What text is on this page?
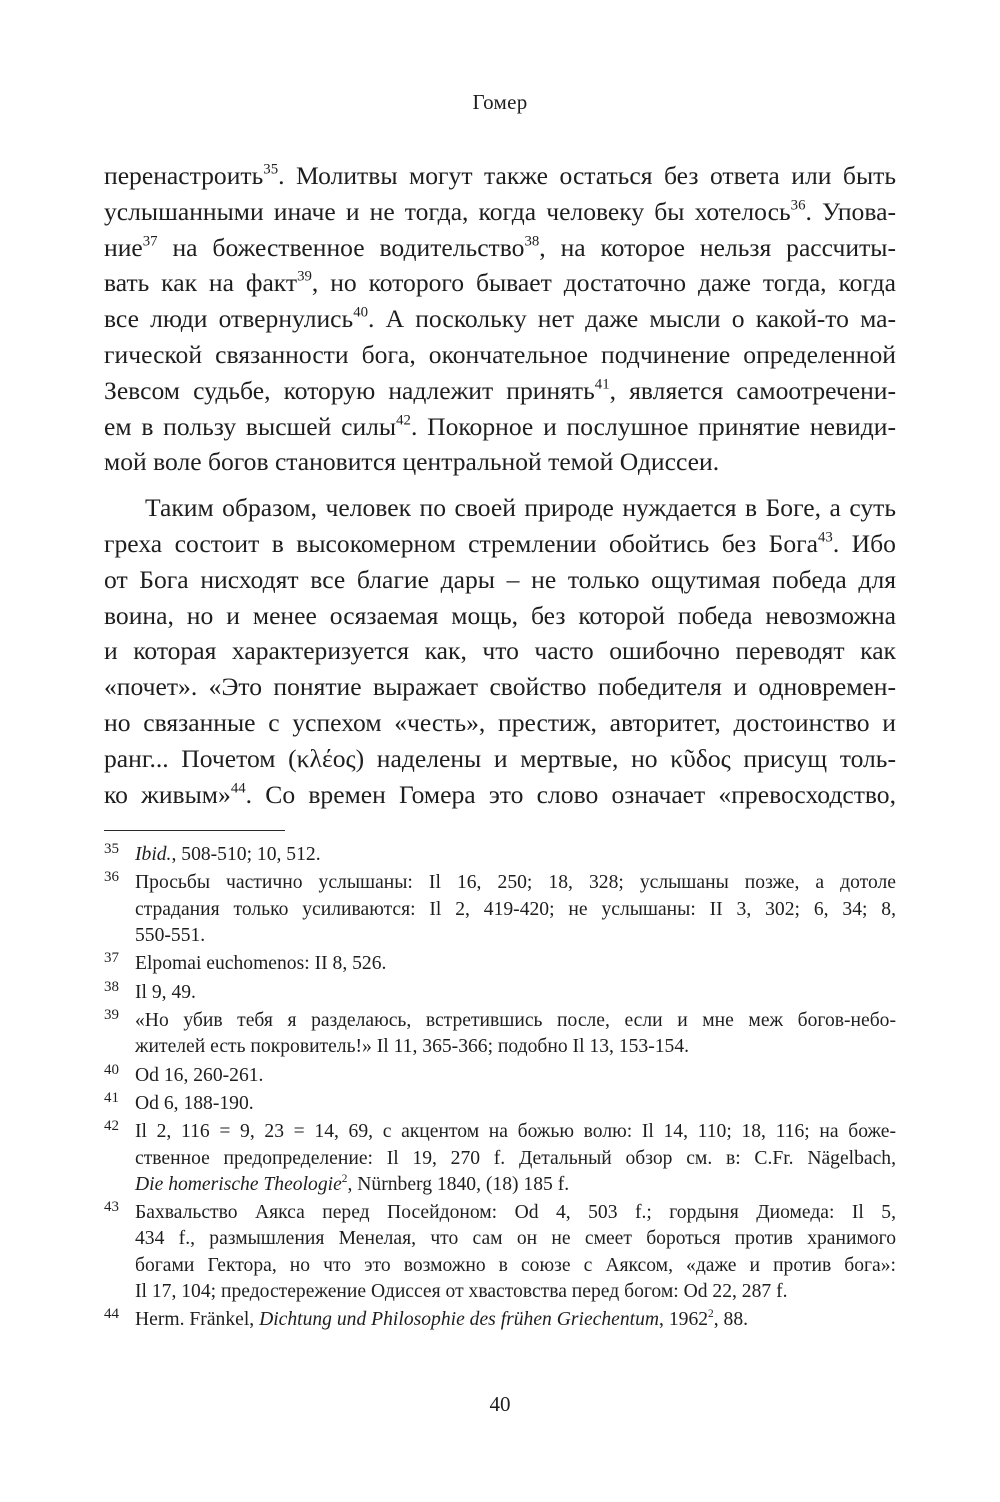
Гомер

перенастроить$^{35}$. Молитвы могут также остаться без ответа или быть

услышанными иначе и не тогда, когда человеку бы хотелось$^{36}$. Упова-

ние$^{37}$ на божественное водительство$^{38}$, на которое нельзя рассчиты-

вать как на факт$^{39}$, но которого бывает достаточно даже тогда, когда

все люди отвернулись$^{40}$. А поскольку нет даже мысли о какой-то ма-

гической связанности бога, окончательное подчинение определенной

Зевсом судьбе, которую надлежит принять$^{41}$, является самоотречени-

ем в пользу высшей силы$^{42}$. Покорное и послушное принятие невиди-

мой воле богов становится центральной темой Одиссеи.

Таким образом, человек по своей природе нуждается в Боге, а суть

греха состоит в высокомерном стремлении обойтись без Бога$^{43}$. Ибо

от Бога нисходят все благие дары – не только ощутимая победа для

воина, но и менее осязаемая мощь, без которой победа невозможна

и которая характеризуется как, что часто ошибочно переводят как

«почет». «Это понятие выражает свойство победителя и одновремен-

но связанные с успехом «честь», престиж, авторитет, достоинство и

ранг... Почетом (κλέος) наделены и мертвые, но κῦδος присущ толь-

ко живым»$^{44}$. Со времен Гомера это слово означает «превосходство,

35 Ibid., 508-510; 10, 512.
36 Просьбы частично услышаны: Il 16, 250; 18, 328; услышаны позже, а дотоле
страдания только усиливаются: Il 2, 419-420; не услышаны: II 3, 302; 6, 34; 8,
550-551.
37 Elpomai euchomenos: II 8, 526.
38 Il 9, 49.
39 «Но убив тебя я разделаюсь, встретившись после, если и мне меж богов-небо-
жителей есть покровитель!» Il 11, 365-366; подобно Il 13, 153-154.
40 Od 16, 260-261.
41 Od 6, 188-190.
42 Il 2, 116 = 9, 23 = 14, 69, с акцентом на божью волю: Il 14, 110; 18, 116; на боже-
ственное предопределение: Il 19, 270 f. Детальный обзор см. в: C.Fr. Nägelbach,
Die homerische Theologie$^2$, Nürnberg 1840, (18) 185 f.
43 Бахвальство Аякса перед Посейдоном: Od 4, 503 f.; гордыня Диомеда: Il 5,
434 f., размышления Менелая, что сам он не смеет бороться против хранимого
богами Гектора, но что это возможно в союзе с Аяксом, «даже и против бога»:
Il 17, 104; предостережение Одиссея от хвастовства перед богом: Od 22, 287 f.
44 Herm. Fränkel, Dichtung und Philosophie des frühen Griechentum, 1962$^2$, 88.
40
